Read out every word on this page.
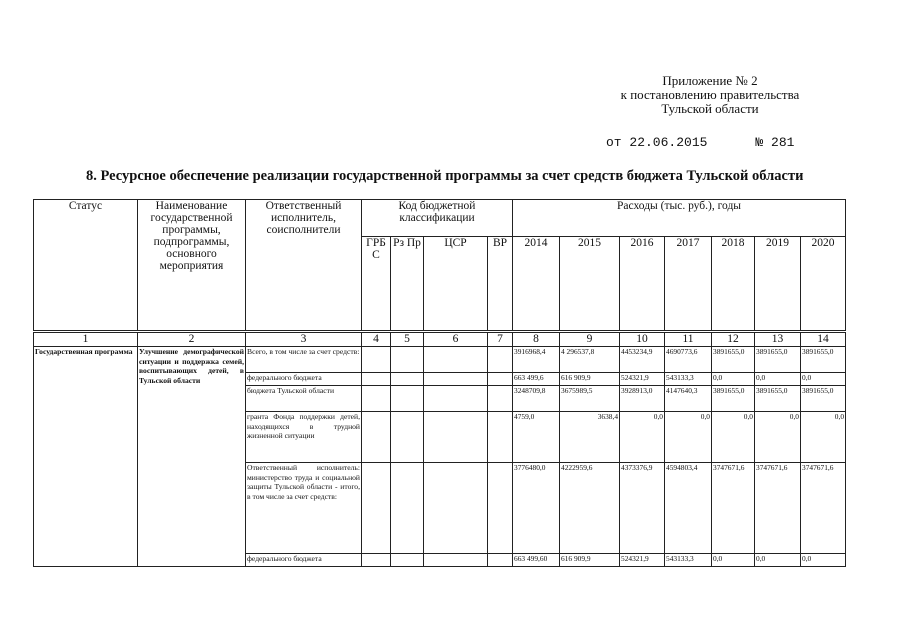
Приложение № 2
к постановлению правительства
Тульской области
от 22.06.2015	№ 281
8. Ресурсное обеспечение реализации государственной программы за счет средств бюджета Тульской области
Статус	Наименование государственной программы, подпрограммы, основного мероприятия	Ответственный исполнитель, соисполнители	Код бюджетной классификации				Расходы (тыс. руб.), годы						
			ГРБ С	Рз Пр	ЦСР	ВР	2014	2015	2016	2017	2018	2019	2020
1	2	3	4	5	6	7	8	9	10	11	12	13	14
Государственная программа	Улучшение демографической ситуации и поддержка семей, воспитывающих детей, в Тульской области	Всего, в том числе за счет средств:					3916968,4	4 296537,8	4453234,9	4690773,6	3891655,0	3891655,0	3891655,0
		федерального бюджета					663 499,6	616 909,9	524321,9	543133,3	0,0	0,0	0,0
		бюджета Тульской области					3248709,8	3675989,5	3928913,0	4147640,3	3891655,0	3891655,0	3891655,0
		гранта Фонда поддержки детей, находящихся в трудной жизненной ситуации					4759,0	3638,4	0,0	0,0	0,0	0,0	0,0
		Ответственный исполнитель: министерство труда и социальной защиты Тульской области - итого, в том числе за счет средств:					3776480,0	4222959,6	4373376,9	4594803,4	3747671,6	3747671,6	3747671,6
		федерального бюджета					663 499,60	616 909,9	524321,9	543133,3	0,0	0,0	0,0
